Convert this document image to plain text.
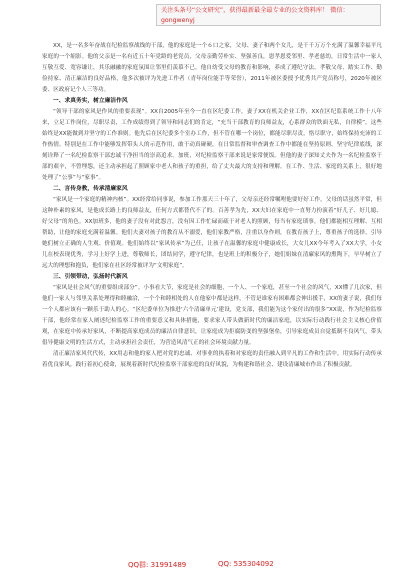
关注头条号“公文研究”，获得最新最全最专业的公文资料库！ 微信：gongwenyj

XX，是一名多年奋战在纪检监察战线的干部，他的家庭是一个６口之家，父母、妻子和两个女儿，是千千万万个充满了温馨幸福平凡家庭的一个缩影。他的父亲是一名有近五十年党龄的老党员，父母亲勤劳朴实、坚强善良，恩孝恩爱邻里、孝老慈幼，日常生活中一家人互敬互爱、宽容谦让，其乐融融的家庭氛围让邻里们羡慕不已。他自幼受父母的教育和影响，养成了遵纪守法、孝敬父母、踏实工作、勤俭持家、清正廉洁的良好品格，他多次被评为先进工作者（青年岗位能手等荣誉），2011年被区委授予优秀共产党员称号，2020年被区委、区政府记个人三等功。

一、求真务实，树立廉洁作风

“领导干部的家风是作风的重要表现”。XX自2005年至今一直在区纪委工作，妻子XX在机关企业工作，XX在区纪监系统工作十八年来，立足工作岗位，尽职尽责，工作成绩得到了领导和同志们的肯定，“充当干部教育的良师益友，心系群众的铁面无私，自律模”，这些始终是XX能做到并坚守的工作准则。他先后在区纪委多个室办工作，但不管在哪一个岗位，都能尽职尽责，恪尽职守，始终保持充沛的工作热情。特别是在工作中能够发挥带头人的示范作用，敢于动真碰硬，在日常监督和审查调查工作中都能在坚持原则、坚守纪律底线，深刻诠释了一名纪检监察干部忠诚干净担当的崇高追求。加班，对纪检监察干部来说是家常便饭。但他的妻子深知丈夫作为一名纪检监察干部的艰辛，不曾埋怨，还主动承担起了照顾家中老人和孩子的重担，给了丈夫最大的支持和理解。在工作、生活、家庭的关系上，很好地处理了“公事”与“家事”。

二、言传身教，传承清廉家风

“家风是一个家庭的精神内核”。XX经常给同事说，参加工作那天三十年了，父母亲还经常嘱咐他要好好工作，父母的话虽然平常，但这种朴素的家风，是他成长路上的良师益友，任何方式都替代不了的。百善孝为先，XX夫妇在家庭中一直努力扮演着“好儿子、好儿媳、好父母”的角色。XX加班多，他的妻子没有对此怨言，没有因工作忙碌而疏于对老人的照顾，每当有家庭琐事，他们都能相互理解、互相帮助，让他的家庭充满着温馨。他们夫妻对孩子的教育从不溺爱，他们家教严格，注重以身作则，在教育孩子上，尊重孩子的选择，引导她们树立正确的人生观、价值观。他们始终以“家风传承”为己任，让孩子在温馨的家庭中健康成长，大女儿XX今年考入了XX大学，小女儿在校表现优秀，学习上好学上进，尊敬师长，团结同学，遵守纪律，也是班上的积极分子，她们姐妹在清廉家风的熏陶下，早早树立了远大的理想和抱负，他们家在社区经常被评为“文明家庭”。

三、引领带动，弘扬时代新风

“家风是社会风气的重要组成部分”。小事看大节，家庭是社会的细胞，一个人、一个家庭，甚至一个社会的风气，XX懂了几次家，但他们一家人与邻里关系处理得和睦融洽，一个个和睦相处的人在他家中都是这样，不管是谁家有困难都会伸出援手，XX的妻子说，我们每一个人都应该有一颗乐于助人的心。“区纪委单位为推进‘六个清廉单元’建设，党支部，我们能为这个家付出的很多”XX说，作为纪检监察干部，他经常在家人阐述纪检监察工作的重要意义和具体措施，要求家人带头做新时代的廉洁家庭，以实际行动践行社会主义核心价值观，在家庭中传承好家风，不断提高家庭成员的廉洁自律意识，让家庭成为拒腐防变的坚强堡垒，引导家庭成员自觉抵制不良风气，带头倡导健康文明的生活方式，主动承担社会责任，为营造风清气正的社会环境贡献力量。

清正廉洁家风代代传，XX用志和他的家人把对党的忠诚、对事业的执着和对家庭的责任融入到平凡的工作和生活中，用实际行动传承着优良家风，践行着初心使命，展现着新时代纪检监察干部家庭的良好风貌，为构建和谐社会、建设清廉城市作出了积极贡献。

QQ群: 31991489	QQ: 535304092
